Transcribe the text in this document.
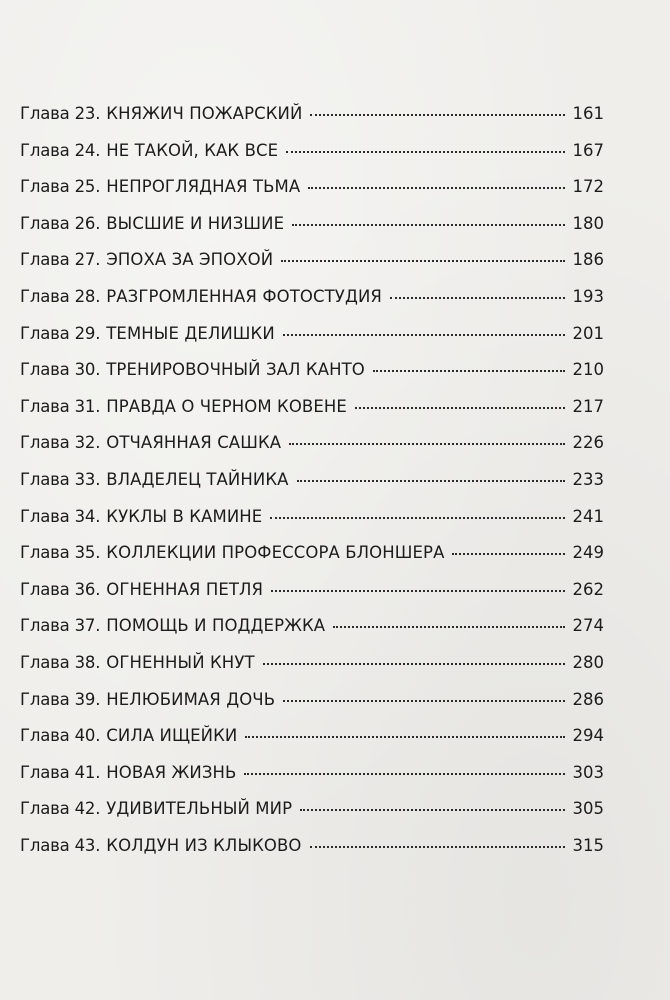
Глава 23. КНЯЖИЧ ПОЖАРСКИЙ	161
Глава 24. НЕ ТАКОЙ, КАК ВСЕ	167
Глава 25. НЕПРОГЛЯДНАЯ ТЬМА	172
Глава 26. ВЫСШИЕ И НИЗШИЕ	180
Глава 27. ЭПОХА ЗА ЭПОХОЙ	186
Глава 28. РАЗГРОМЛЕННАЯ ФОТОСТУДИЯ	193
Глава 29. ТЕМНЫЕ ДЕЛИШКИ	201
Глава 30. ТРЕНИРОВОЧНЫЙ ЗАЛ КАНТО	210
Глава 31. ПРАВДА О ЧЕРНОМ КОВЕНЕ	217
Глава 32. ОТЧАЯННАЯ САШКА	226
Глава 33. ВЛАДЕЛЕЦ ТАЙНИКА	233
Глава 34. КУКЛЫ В КАМИНЕ	241
Глава 35. КОЛЛЕКЦИИ ПРОФЕССОРА БЛОНШЕРА	249
Глава 36. ОГНЕННАЯ ПЕТЛЯ	262
Глава 37. ПОМОЩЬ И ПОДДЕРЖКА	274
Глава 38. ОГНЕННЫЙ КНУТ	280
Глава 39. НЕЛЮБИМАЯ ДОЧЬ	286
Глава 40. СИЛА ИЩЕЙКИ	294
Глава 41. НОВАЯ ЖИЗНЬ	303
Глава 42. УДИВИТЕЛЬНЫЙ МИР	305
Глава 43. КОЛДУН ИЗ КЛЫКОВО	315
